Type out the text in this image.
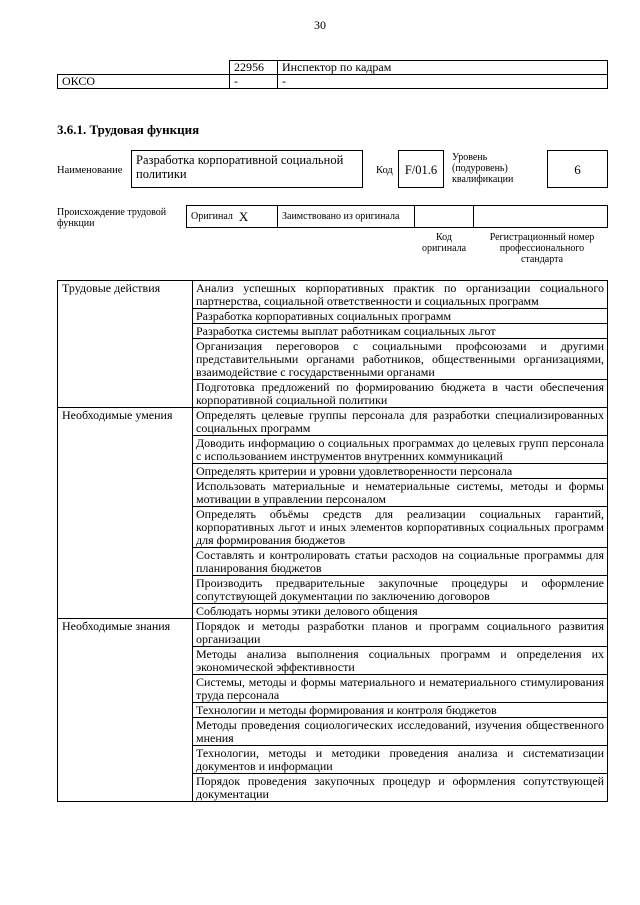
30
	22956	Инспектор по кадрам
ОКСО	-	-
3.6.1. Трудовая функция
Наименование
Разработка корпоративной социальной политики	Код F/01.6
Уровень (подуровень) квалификации
6
Происхождение трудовой функции
Оригинал X	Заимствовано из оригинала
Код оригинала
Регистрационный номер профессионального стандарта
Трудовые действия	Анализ успешных корпоративных практик по организации социального партнерства, социальной ответственности и социальных программ
	Разработка корпоративных социальных программ
	Разработка системы выплат работникам социальных льгот
	Организация переговоров с социальными профсоюзами и другими представительными органами работников, общественными организациями, взаимодействие с государственными органами
	Подготовка предложений по формированию бюджета в части обеспечения корпоративной социальной политики
Необходимые умения	Определять целевые группы персонала для разработки специализированных социальных программ
	Доводить информацию о социальных программах до целевых групп персонала с использованием инструментов внутренних коммуникаций
	Определять критерии и уровни удовлетворенности персонала
	Использовать материальные и нематериальные системы, методы и формы мотивации в управлении персоналом
	Определять объёмы средств для реализации социальных гарантий, корпоративных льгот и иных элементов корпоративных социальных программ для формирования бюджетов
	Составлять и контролировать статьи расходов на социальные программы для планирования бюджетов
	Производить предварительные закупочные процедуры и оформление сопутствующей документации по заключению договоров
	Соблюдать нормы этики делового общения
Необходимые знания	Порядок и методы разработки планов и программ социального развития организации
	Методы анализа выполнения социальных программ и определения их экономической эффективности
	Системы, методы и формы материального и нематериального стимулирования труда персонала
	Технологии и методы формирования и контроля бюджетов
	Методы проведения социологических исследований, изучения общественного мнения
	Технологии, методы и методики проведения анализа и систематизации документов и информации
	Порядок проведения закупочных процедур и оформления сопутствующей документации
